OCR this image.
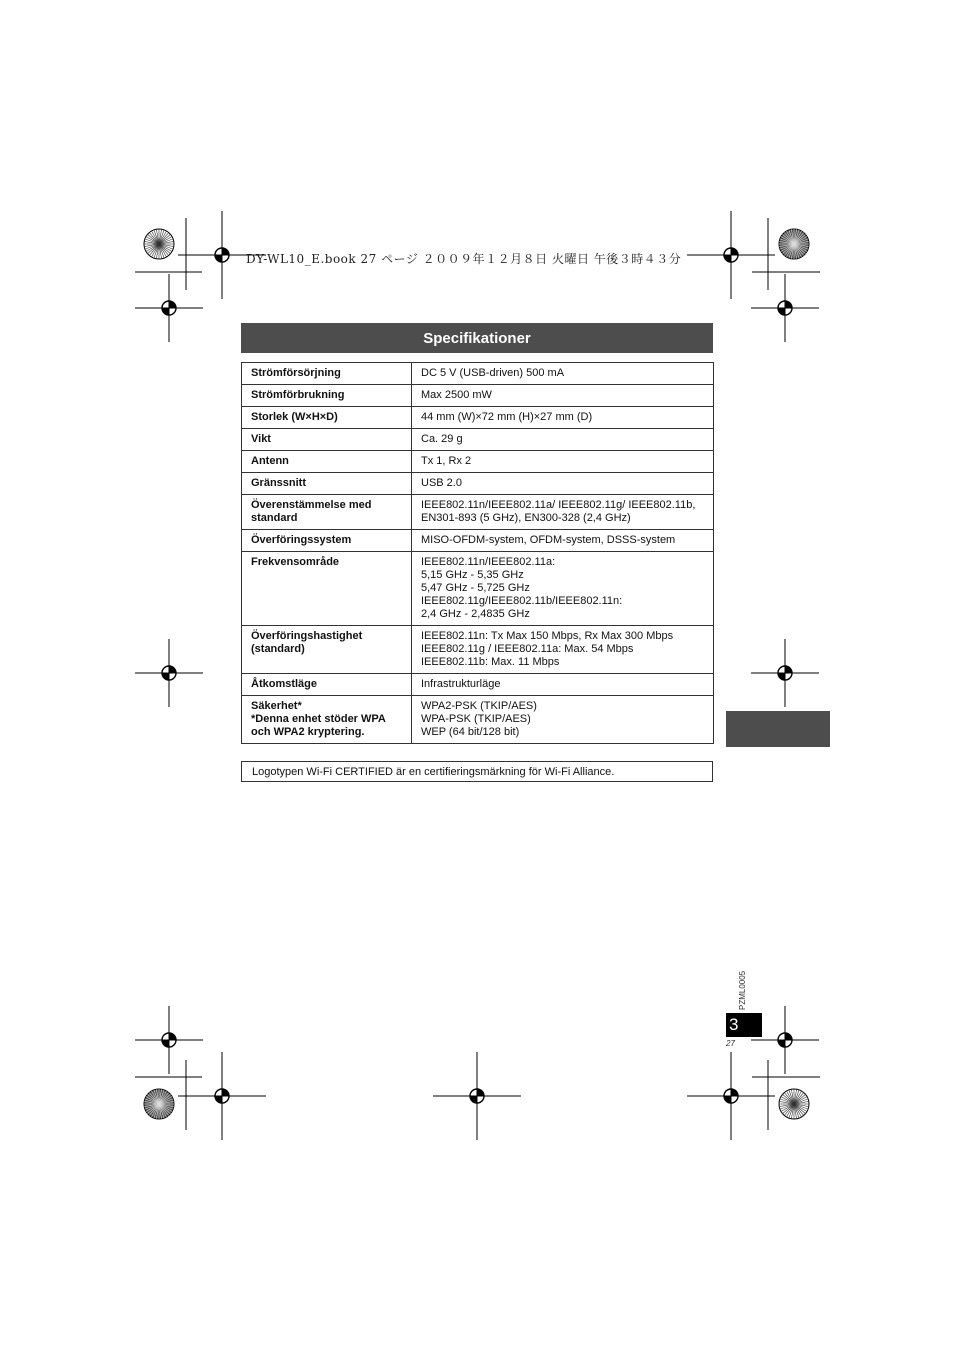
DY-WL10_E.book 27 ページ ２００９年１２月８日 火曜日 午後３時４３分
Specifikationer
Strömförsörjning	DC 5 V (USB-driven) 500 mA
Strömförbrukning	Max 2500 mW
Storlek (W×H×D)	44 mm (W)×72 mm (H)×27 mm (D)
Vikt	Ca. 29 g
Antenn	Tx 1, Rx 2
Gränssnitt	USB 2.0
Överenstämmelse med
standard	IEEE802.11n/IEEE802.11a/ IEEE802.11g/ IEEE802.11b,
EN301-893 (5 GHz), EN300-328 (2,4 GHz)
Överföringssystem	MISO-OFDM-system, OFDM-system, DSSS-system
Frekvensområde	IEEE802.11n/IEEE802.11a:
5,15 GHz - 5,35 GHz
5,47 GHz - 5,725 GHz
IEEE802.11g/IEEE802.11b/IEEE802.11n:
2,4 GHz - 2,4835 GHz
Överföringshastighet
(standard)	IEEE802.11n: Tx Max 150 Mbps, Rx Max 300 Mbps
IEEE802.11g / IEEE802.11a: Max. 54 Mbps
IEEE802.11b: Max. 11 Mbps
Åtkomstläge	Infrastrukturläge
Säkerhet*
*Denna enhet stöder WPA
och WPA2 kryptering.	WPA2-PSK (TKIP/AES)
WPA-PSK (TKIP/AES)
WEP (64 bit/128 bit)
Logotypen Wi-Fi CERTIFIED är en certifieringsmärkning för Wi-Fi Alliance.
PZML0005
3
27
